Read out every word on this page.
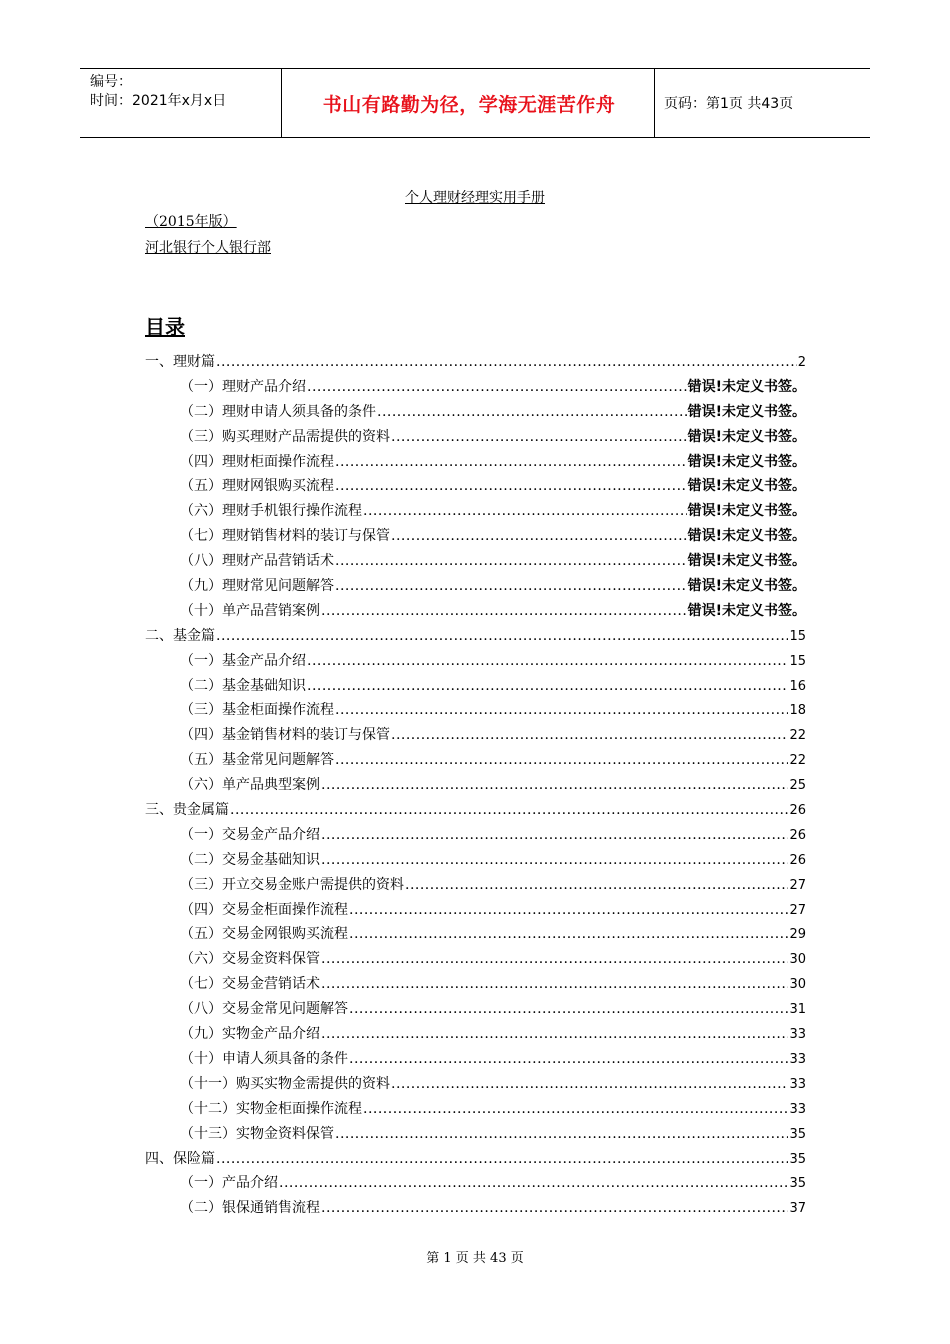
编号：
时间：2021年x月x日	书山有路勤为径，学海无涯苦作舟	页码：第1页 共43页
个人理财经理实用手册
（2015年版）
河北银行个人银行部
目录
一、理财篇 .....	2
（一）理财产品介绍 .....	错误!未定义书签。
（二）理财申请人须具备的条件 .....	错误!未定义书签。
（三）购买理财产品需提供的资料 .....	错误!未定义书签。
（四）理财柜面操作流程 .....	错误!未定义书签。
（五）理财网银购买流程 .....	错误!未定义书签。
（六）理财手机银行操作流程 .....	错误!未定义书签。
（七）理财销售材料的装订与保管 .....	错误!未定义书签。
（八）理财产品营销话术 .....	错误!未定义书签。
（九）理财常见问题解答 .....	错误!未定义书签。
（十）单产品营销案例 .....	错误!未定义书签。
二、基金篇 .....	15
（一）基金产品介绍 .....	15
（二）基金基础知识 .....	16
（三）基金柜面操作流程 .....	18
（四）基金销售材料的装订与保管 .....	22
（五）基金常见问题解答 .....	22
（六）单产品典型案例 .....	25
三、贵金属篇 .....	26
（一）交易金产品介绍 .....	26
（二）交易金基础知识 .....	26
（三）开立交易金账户需提供的资料 .....	27
（四）交易金柜面操作流程 .....	27
（五）交易金网银购买流程 .....	29
（六）交易金资料保管 .....	30
（七）交易金营销话术 .....	30
（八）交易金常见问题解答 .....	31
（九）实物金产品介绍 .....	33
（十）申请人须具备的条件 .....	33
（十一）购买实物金需提供的资料 .....	33
（十二）实物金柜面操作流程 .....	33
（十三）实物金资料保管 .....	35
四、保险篇 .....	35
（一）产品介绍 .....	35
（二）银保通销售流程 .....	37
第 1 页 共 43 页
